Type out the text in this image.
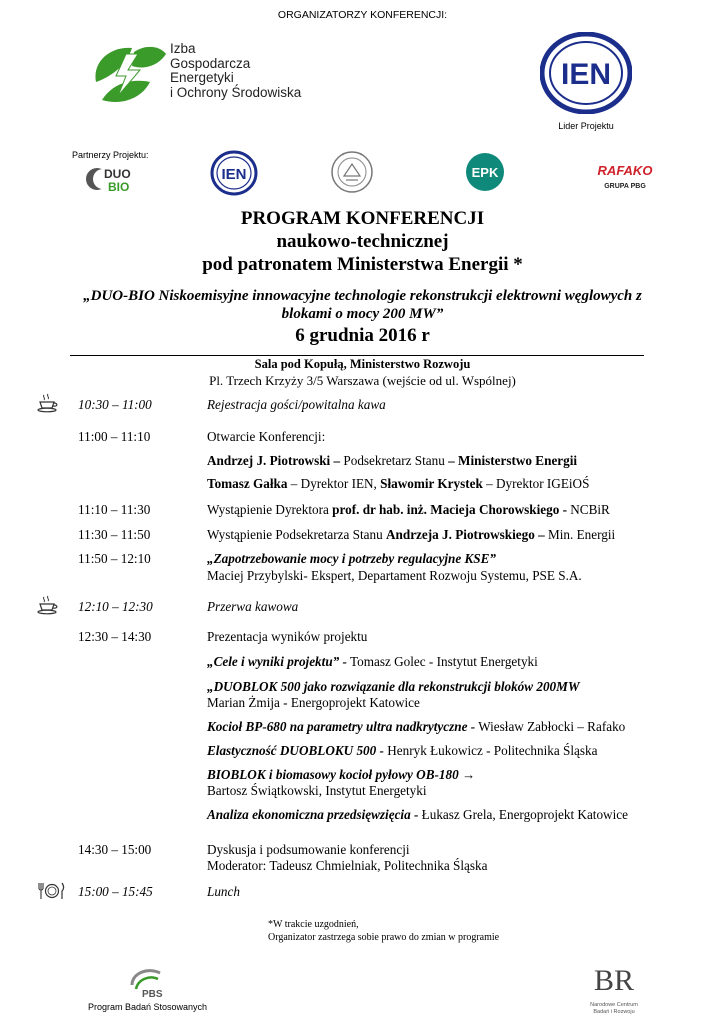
ORGANIZATORZY KONFERENCJI:
Izba
Gospodarcza
Energetyki
i Ochrony Środowiska
IEN
Lider Projektu
Partnerzy Projektu:
DUO
BIO
IEN	EPK	RAFAKO
GRUPA PBG
PROGRAM KONFERENCJI
naukowo-technicznej
pod patronatem Ministerstwa Energii *
„DUO-BIO Niskoemisyjne innowacyjne technologie rekonstrukcji elektrowni węglowych z blokami o mocy 200 MW”
6 grudnia 2016 r
Sala pod Kopułą, Ministerstwo Rozwoju
Pl. Trzech Krzyży 3/5 Warszawa (wejście od ul. Wspólnej)
10:30 – 11:00	Rejestracja gości/powitalna kawa
11:00 – 11:10	Otwarcie Konferencji:
Andrzej J. Piotrowski – Podsekretarz Stanu – Ministerstwo Energii
Tomasz Gałka – Dyrektor IEN, Sławomir Krystek – Dyrektor IGEiOŚ
11:10 – 11:30	Wystąpienie Dyrektora prof. dr hab. inż. Macieja Chorowskiego - NCBiR
11:30 – 11:50	Wystąpienie Podsekretarza Stanu Andrzeja J. Piotrowskiego – Min. Energii
11:50 – 12:10	„Zapotrzebowanie mocy i potrzeby regulacyjne KSE”
Maciej Przybylski- Ekspert, Departament Rozwoju Systemu, PSE S.A.
12:10 – 12:30	Przerwa kawowa
12:30 – 14:30	Prezentacja wyników projektu
„Cele i wyniki projektu” - Tomasz Golec - Instytut Energetyki
„DUOBLOK 500 jako rozwiązanie dla rekonstrukcji bloków 200MW
Marian Żmija - Energoprojekt Katowice
Kocioł BP-680 na parametry ultra nadkrytyczne - Wiesław Zabłocki – Rafako
Elastyczność DUOBLOKU 500 - Henryk Łukowicz - Politechnika Śląska
BIOBLOK i biomasowy kocioł pyłowy OB-180 →
Bartosz Świątkowski, Instytut Energetyki
Analiza ekonomiczna przedsięwzięcia - Łukasz Grela, Energoprojekt Katowice
14:30 – 15:00	Dyskusja i podsumowanie konferencji
Moderator: Tadeusz Chmielniak, Politechnika Śląska
15:00 – 15:45	Lunch
*W trakcie uzgodnień,
Organizator zastrzega sobie prawo do zmian w programie
PBS
Program Badań Stosowanych
BR
Narodowe Centrum
Badań i Rozwoju
